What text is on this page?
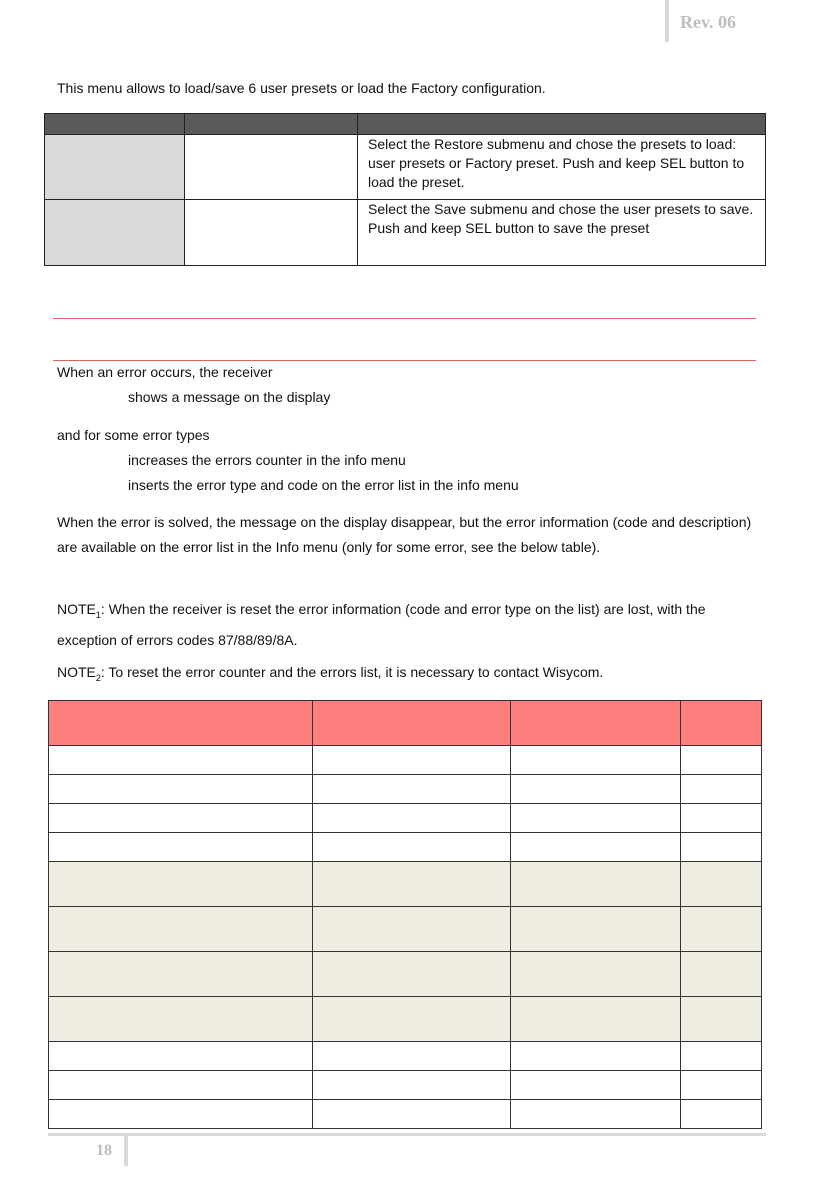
Rev. 06
This menu allows to load/save 6 user presets or load the Factory configuration.

		Select the Restore submenu and chose the presets to load: user presets or Factory preset. Push and keep SEL button to load the preset.
		Select the Save submenu and chose the user presets to save. Push and keep SEL button to save the preset
When an error occurs, the receiver
shows a message on the display
and for some error types
increases the errors counter in the info menu
inserts the error type and code on the error list in the info menu
When the error is solved, the message on the display disappear, but the error information (code and description) are available on the error list in the Info menu (only for some error, see the below table).
$NOTE_1$: When the receiver is reset the error information (code and error type on the list) are lost, with the exception of errors codes 87/88/89/8A.
$NOTE_2$: To reset the error counter and the errors list, it is necessary to contact Wisycom.

18
